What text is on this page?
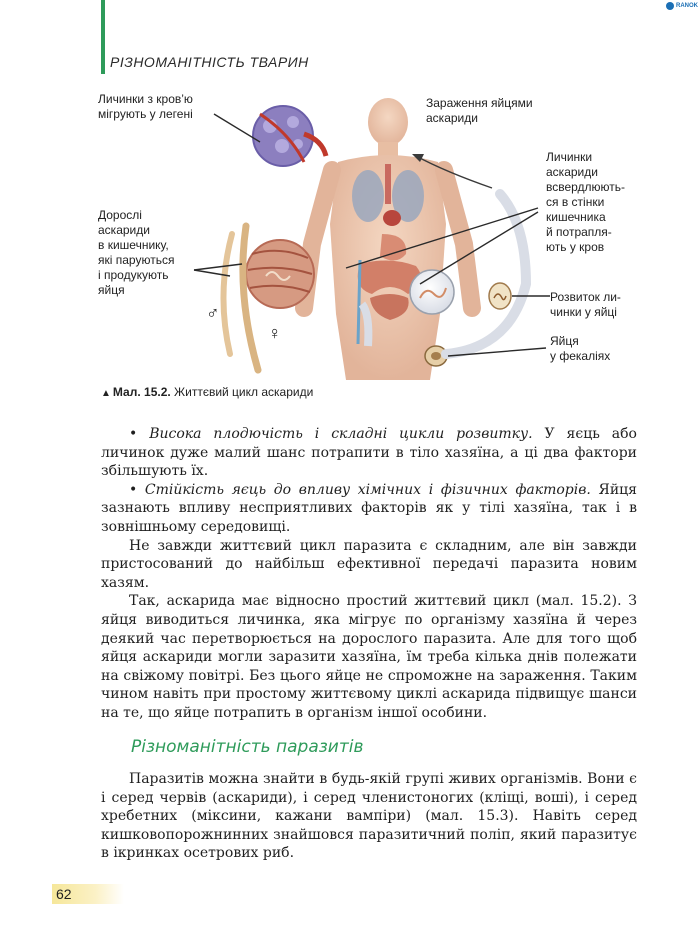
РІЗНОМАНІТНІСТЬ ТВАРИН
RANOK
Личинки з кров’ю
мігрують у легені
Зараження яйцями
аскариди
Личинки
аскариди
всвердлюють-
ся в стінки
кишечника
й потрапля-
ють у кров
Дорослі
аскариди
в кишечнику,
які паруються
і продукують
яйця	Розвиток ли-
чинки у яйці
Яйця
у фекаліях
♂
♀
▲ Мал. 15.2. Життєвий цикл аскариди

• Висока плодючість і складні цикли розвитку. У яєць або личинок дуже малий шанс потрапити в тіло хазяїна, а ці два фактори збільшують їх.

• Стійкість яєць до впливу хімічних і фізичних факторів. Яйця зазнають впливу несприятливих факторів як у тілі хазяїна, так і в зовнішньому середовищі.

Не завжди життєвий цикл паразита є складним, але він завжди пристосований до найбільш ефективної передачі паразита новим хазям.

Так, аскарида має відносно простий життєвий цикл (мал. 15.2). З яйця виводиться личинка, яка мігрує по організму хазяїна й через деякий час перетворюється на дорослого паразита. Але для того щоб яйця аскариди могли заразити хазяїна, їм треба кілька днів полежати на свіжому повітрі. Без цього яйце не спроможне на зараження. Таким чином навіть при простому життєвому циклі аскарида підвищує шанси на те, що яйце потрапить в організм іншої особини.

Різноманітність паразитів

Паразитів можна знайти в будь-якій групі живих організмів. Вони є і серед червів (аскариди), і серед членистоногих (кліщі, воші), і серед хребетних (міксини, кажани вампіри) (мал. 15.3). Навіть серед кишковопорожнинних знайшовся паразитичний поліп, який паразитує в ікринках осетрових риб.

62
